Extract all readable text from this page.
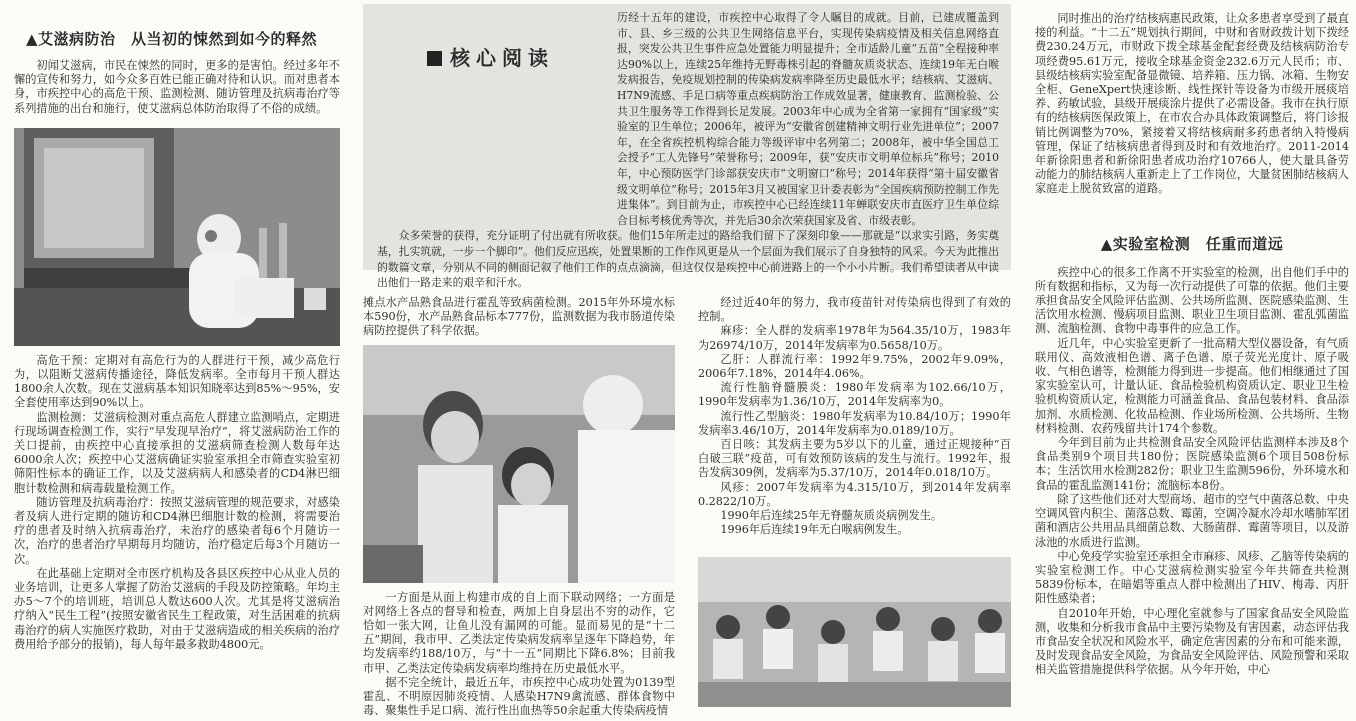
▲艾滋病防治　从当初的悚然到如今的释然

初闻艾滋病，市民在悚然的同时，更多的是害怕。经过多年不懈的宣传和努力，如今众多百姓已能正确对待和认识。而对患者本身，市疾控中心的高危干预、监测检测、随访管理及抗病毒治疗等系列措施的出台和施行，使艾滋病总体防治取得了不俗的成绩。

高危干预：定期对有高危行为的人群进行干预，减少高危行为，以阻断艾滋病传播途径，降低发病率。全市每月干预人群达1800余人次数。现在艾滋病基本知识知晓率达到85%～95%，安全套使用率达到90%以上。

监测检测：艾滋病检测对重点高危人群建立监测哨点，定期进行现场调查检测工作，实行“早发现早治疗”，将艾滋病防治工作的关口提前，由疾控中心直接承担的艾滋病筛查检测人数每年达6000余人次；疾控中心艾滋病确证实验室承担全市筛查实验室初筛阳性标本的确证工作，以及艾滋病病人和感染者的CD4淋巴细胞计数检测和病毒载量检测工作。

随访管理及抗病毒治疗：按照艾滋病管理的规范要求，对感染者及病人进行定期的随访和CD4淋巴细胞计数的检测，将需要治疗的患者及时纳入抗病毒治疗，未治疗的感染者每6个月随访一次，治疗的患者治疗早期每月均随访，治疗稳定后每3个月随访一次。

在此基础上定期对全市医疗机构及各县区疾控中心从业人员的业务培训，让更多人掌握了防治艾滋病的手段及防控策略。年均主办5～7个的培训班，培训总人数达600人次。尤其是将艾滋病治疗纳入“民生工程”(按照安徽省民生工程政策，对生活困难的抗病毒治疗的病人实施医疗救助，对由于艾滋病造成的相关疾病的治疗费用给予部分的报销)，每人每年最多救助4800元。

核心阅读

历经十五年的建设，市疾控中心取得了令人瞩目的成就。目前，已建成覆盖到市、县、乡三级的公共卫生网络信息平台，实现传染病疫情及相关信息网络直报，突发公共卫生事件应急处置能力明显提升；全市适龄儿童“五苗”全程接种率达90%以上，连续25年维持无野毒株引起的脊髓灰质炎状态、连续19年无白喉发病报告，免疫规划控制的传染病发病率降至历史最低水平；结核病、艾滋病、H7N9流感、手足口病等重点疾病防治工作成效显著，健康教育、监测检验、公共卫生服务等工作得到长足发展。2003年中心成为全省第一家拥有“国家级”实验室的卫生单位；2006年，被评为“安徽省创建精神文明行业先进单位”；2007年，在全省疾控机构综合能力等级评审中名列第二；2008年，被中华全国总工会授予“工人先锋号”荣誉称号；2009年，获“安庆市文明单位标兵”称号；2010年，中心预防医学门诊部获安庆市“文明窗口”称号；2014年获得“第十届安徽省级文明单位”称号；2015年3月又被国家卫计委表彰为“全国疾病预防控制工作先进集体”。到目前为止，市疾控中心已经连续11年蝉联安庆市直医疗卫生单位综合目标考核优秀等次，并先后30余次荣获国家及省、市级表彰。

众多荣誉的获得，充分证明了付出就有所收获。他们15年所走过的路给我们留下了深刻印象——那就是“以求实引路，务实奠基，扎实筑就，一步一个脚印”。他们反应迅疾，处置果断的工作作风更是从一个层面为我们展示了自身独特的风采。今天为此推出的数篇文章，分别从不同的侧面记叙了他们工作的点点滴滴，但这仅仅是疾控中心前进路上的一个小小片断。我们希望读者从中读出他们一路走来的艰辛和汗水。

摊点水产品熟食品进行霍乱等致病菌检测。2015年外环境水标本590份，水产品熟食品标本777份，监测数据为我市肠道传染病防控提供了科学依据。

一方面是从面上构建市成的自上而下联动网络；一方面是对网络上各点的督导和检查，两加上自身层出不穷的动作，它恰如一张大网，让鱼儿没有漏网的可能。显而易见的是“十二五”期间，我市甲、乙类法定传染病发病率呈逐年下降趋势，年均发病率约188/10万，与“十一五”同期比下降6.8%；目前我市甲、乙类法定传染病发病率均维持在历史最低水平。

据不完全统计，最近五年，市疾控中心成功处置为0139型霍乱、不明原因肺炎疫情、人感染H7N9禽流感、群体食物中毒、聚集性手足口病、流行性出血热等50余起重大传染病疫情

经过近40年的努力，我市疫苗针对传染病也得到了有效的控制。

麻疹：全人群的发病率1978年为564.35/10万，1983年为26974/10万，2014年发病率为0.5658/10万。

乙肝：人群流行率：1992年9.75%，2002年9.09%，2006年7.18%，2014年4.06%。

流行性脑脊髓膜炎：1980年发病率为102.66/10万，1990年发病率为1.36/10万，2014年发病率为0。

流行性乙型脑炎：1980年发病率为10.84/10万；1990年发病率3.46/10万，2014年发病率为0.0189/10万。

百日咳：其发病主要为5岁以下的儿童，通过正规接种“百白破三联”疫苗，可有效预防该病的发生与流行。1992年，报告发病309例，发病率为5.37/10万，2014年0.018/10万。

风疹：2007年发病率为4.315/10万，到2014年发病率0.2822/10万。

1990年后连续25年无脊髓灰质炎病例发生。

1996年后连续19年无白喉病例发生。

同时推出的治疗结核病惠民政策，让众多患者享受到了最直接的利益。“十二五”规划执行期间，中财和省财政拨计划下拨经费230.24万元，市财政下拨全球基金配套经费及结核病防治专项经费95.61万元，接收全球基金资金232.6万元人民币；市、县级结核病实验室配备显微镜、培养箱、压力锅、冰箱、生物安全柜、GeneXpert快速诊断、线性探针等设备为市级开展痰培养、药敏试验，县级开展痰涂片提供了必需设备。我市在执行原有的结核病医保政策上，在市农合办具体政策调整后，将门诊报销比例调整为70%，紧接着又将结核病耐多药患者纳入特慢病管理，保证了结核病患者得到及时和有效地治疗。2011-2014年新徐阳患者和新徐阳患者成功治疗10766人，使大量具备劳动能力的肺结核病人重新走上了工作岗位，大量贫困肺结核病人家庭走上脱贫致富的道路。

▲实验室检测　任重而道远

疾控中心的很多工作离不开实验室的检测，出自他们手中的所有数据和指标，又为每一次行动提供了可靠的依据。他们主要承担食品安全风险评估监测、公共场所监测、医院感染监测、生活饮用水检测、慢病项目监测、职业卫生项目监测、霍乱弧菌监测、流脑检测、食物中毒事件的应急工作。

近几年，中心实验室更新了一批高精大型仪器设备，有气质联用仪、高效液相色谱、离子色谱、原子荧光光度计、原子吸收、气相色谱等，检测能力得到进一步提高。他们相继通过了国家实验室认可，计量认证、食品检验机构资质认定、职业卫生检验机构资质认定，检测能力可涵盖食品、食品包装材料、食品添加剂、水质检测、化妆品检测、作业场所检测、公共场所、生物材料检测、农药残留共计174个参数。

今年到目前为止共检测食品安全风险评估监测样本涉及8个食品类别9个项目共180份；医院感染监测6个项目508份标本；生活饮用水检测282份；职业卫生监测596份，外环境水和食品的霍乱监测141份；流脑标本8份。

除了这些他们还对大型商场、超市的空气中菌落总数、中央空调风管内积尘、菌落总数、霉菌，空调冷凝水冷却水嗜肺军团菌和酒店公共用品具细菌总数、大肠菌群、霉菌等项目，以及游泳池的水质进行监测。

中心免疫学实验室还承担全市麻疹、风疹、乙脑等传染病的实验室检测工作。中心艾滋病检测实验室今年共筛查共检测5839份标本，在暗娼等重点人群中检测出了HIV、梅毒、丙肝阳性感染者；

自2010年开始，中心理化室就参与了国家食品安全风险监测，收集和分析我市食品中主要污染物及有害因素，动态评估我市食品安全状况和风险水平，确定危害因素的分布和可能来源，及时发现食品安全风险，为食品安全风险评估、风险预警和采取相关监管措施提供科学依据。从今年开始，中心
